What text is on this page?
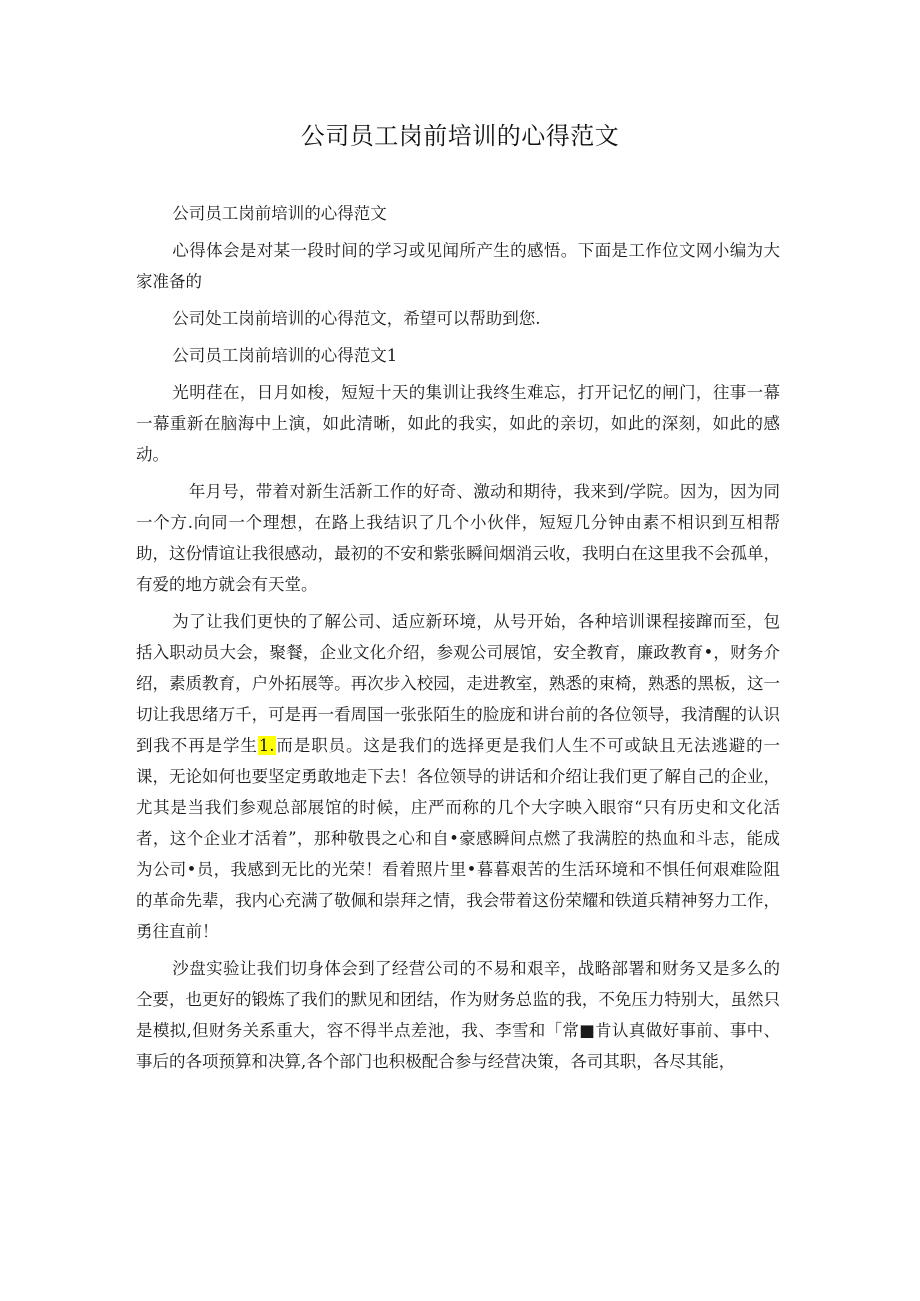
公司员工岗前培训的心得范文

公司员工岗前培训的心得范文

心得体会是对某一段时间的学习或见闻所产生的感悟。下面是工作位文网小编为大家准备的

公司处工岗前培训的心得范文，希望可以帮助到您.

公司员工岗前培训的心得范文1

光明荏在，日月如梭，短短十天的集训让我终生难忘，打开记忆的闸门，往事一幕一幕重新在脑海中上演，如此清晰，如此的我实，如此的亲切，如此的深刻，如此的感动。

年月号，带着对新生活新工作的好奇、激动和期待，我来到/学院。因为，因为同一个方.向同一个理想，在路上我结识了几个小伙伴，短短几分钟由素不相识到互相帮助，这份情谊让我很感动，最初的不安和紫张瞬间烟消云收，我明白在这里我不会孤单，有爱的地方就会有天堂。

为了让我们更快的了解公司、适应新环境，从号开始，各种培训课程接蹿而至，包括入职动员大会，聚餐，企业文化介绍，参观公司展馆，安全教育，廉政教育•，财务介绍，素质教育，户外拓展等。再次步入校园，走进教室，熟悉的束椅，熟悉的黑板，这一切让我思绪万千，可是再一看周国一张张陌生的脸庞和讲台前的各位领导，我清醒的认识到我不再是学生1.而是职员。这是我们的选择更是我们人生不可或缺且无法逃避的一课，无论如何也要坚定勇敢地走下去！各位领导的讲话和介绍让我们更了解自己的企业，尤其是当我们参观总部展馆的时候，庄严而称的几个大字映入眼帘“只有历史和文化活者，这个企业才活着”，那种敬畏之心和自•豪感瞬间点燃了我满腔的热血和斗志，能成为公司•员，我感到无比的光荣！看着照片里•暮暮艰苦的生活环境和不惧任何艰难险阻的革命先辈，我内心充满了敬佩和崇拜之情，我会带着这份荣耀和铁道兵精神努力工作，勇往直前！

沙盘实验让我们切身体会到了经营公司的不易和艰辛，战略部署和财务又是多么的仝要，也更好的锻炼了我们的默见和团结，作为财务总监的我，不免压力特别大，虽然只是模拟,但财务关系重大，容不得半点差池，我、李雪和「常■肯认真做好事前、事中、事后的各项预算和决算,各个部门也积极配合参与经营决策，各司其职，各尽其能，
